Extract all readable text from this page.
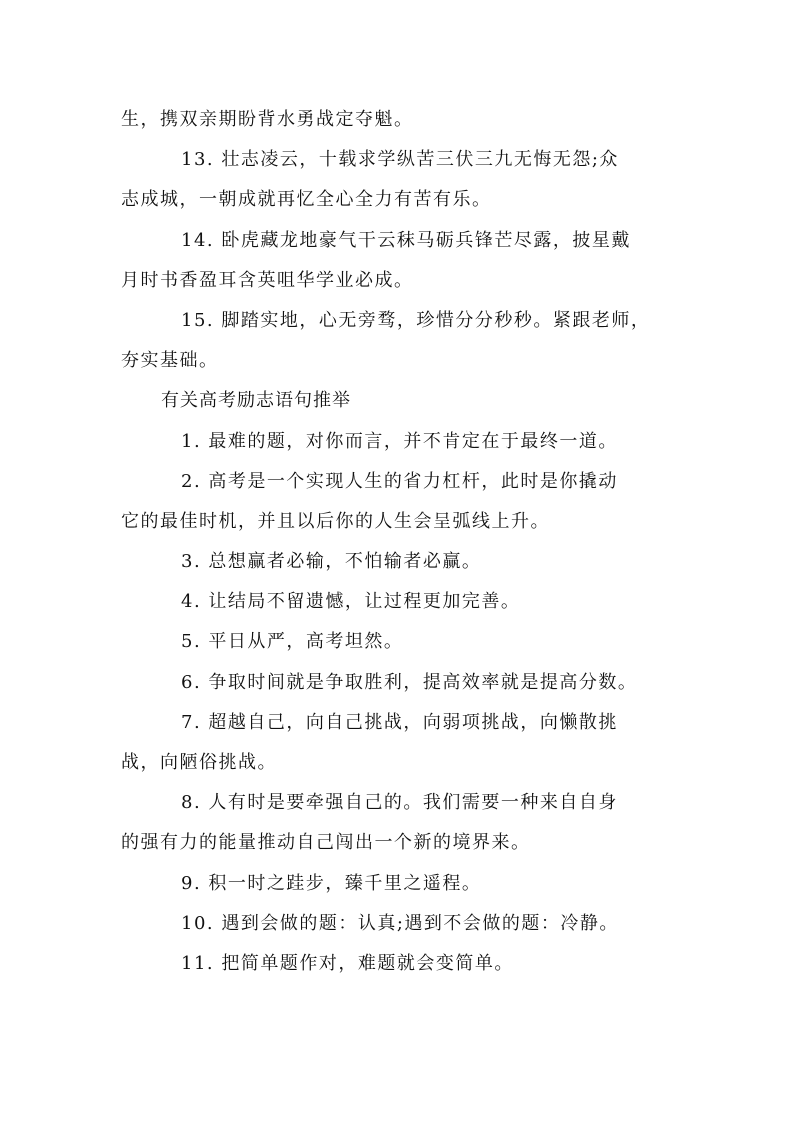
生，携双亲期盼背水勇战定夺魁。
13. 壮志凌云，十载求学纵苦三伏三九无悔无怨;众
志成城，一朝成就再忆全心全力有苦有乐。
14. 卧虎藏龙地豪气干云秣马砺兵锋芒尽露，披星戴
月时书香盈耳含英咀华学业必成。
15. 脚踏实地，心无旁骛，珍惜分分秒秒。紧跟老师，
夯实基础。
有关高考励志语句推举
1. 最难的题，对你而言，并不肯定在于最终一道。
2. 高考是一个实现人生的省力杠杆，此时是你撬动
它的最佳时机，并且以后你的人生会呈弧线上升。
3. 总想赢者必输，不怕输者必赢。
4. 让结局不留遗憾，让过程更加完善。
5. 平日从严，高考坦然。
6. 争取时间就是争取胜利，提高效率就是提高分数。
7. 超越自己，向自己挑战，向弱项挑战，向懒散挑
战，向陋俗挑战。
8. 人有时是要牵强自己的。我们需要一种来自自身
的强有力的能量推动自己闯出一个新的境界来。
9. 积一时之跬步，臻千里之遥程。
10. 遇到会做的题：认真;遇到不会做的题：冷静。
11. 把简单题作对，难题就会变简单。
